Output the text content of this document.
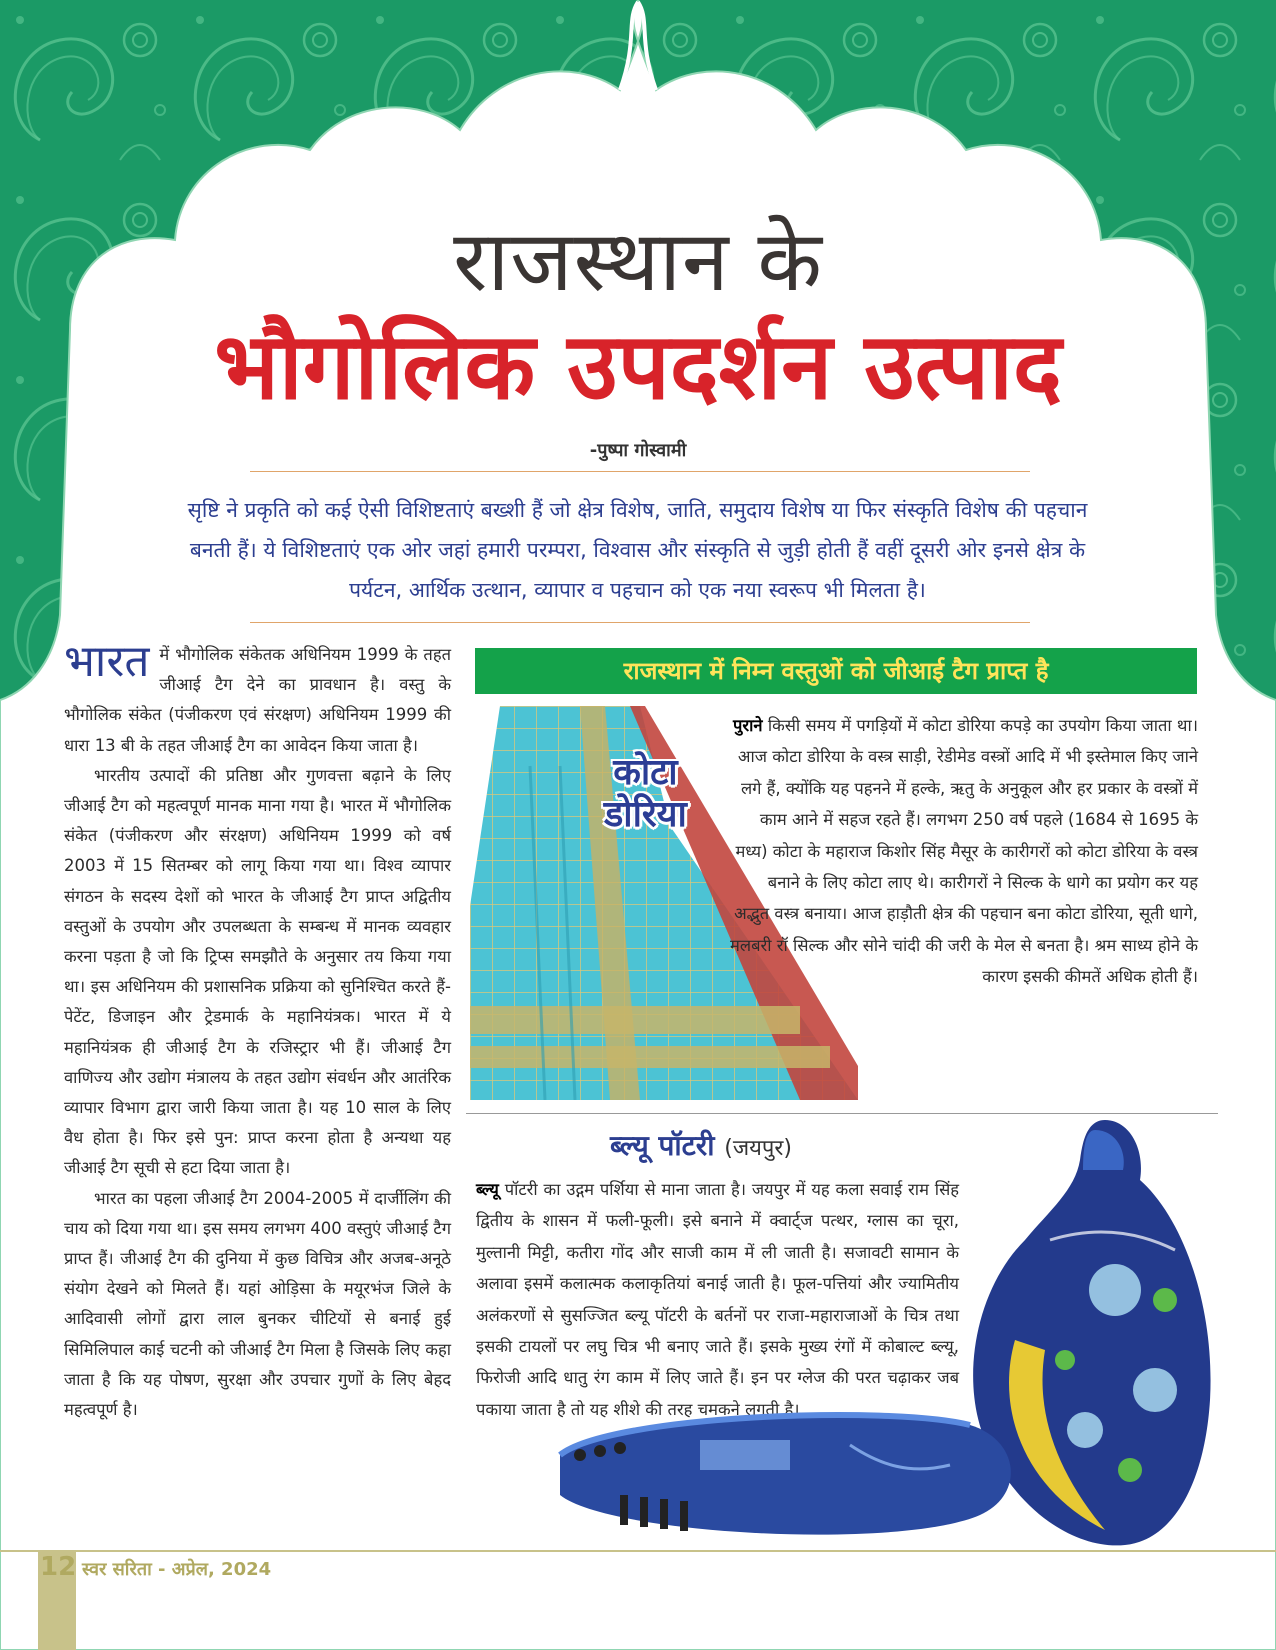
राजस्थान के
भौगोलिक उपदर्शन उत्पाद
-पुष्पा गोस्वामी
सृष्टि ने प्रकृति को कई ऐसी विशिष्टताएं बख्शी हैं जो क्षेत्र विशेष, जाति, समुदाय विशेष या फिर संस्कृति विशेष की पहचान बनती हैं। ये विशिष्टताएं एक ओर जहां हमारी परम्परा, विश्वास और संस्कृति से जुड़ी होती हैं वहीं दूसरी ओर इनसे क्षेत्र के पर्यटन, आर्थिक उत्थान, व्यापार व पहचान को एक नया स्वरूप भी मिलता है।

भारत में भौगोलिक संकेतक अधिनियम 1999 के तहत जीआई टैग देने का प्रावधान है। वस्तु के भौगोलिक संकेत (पंजीकरण एवं संरक्षण) अधिनियम 1999 की धारा 13 बी के तहत जीआई टैग का आवेदन किया जाता है।

भारतीय उत्पादों की प्रतिष्ठा और गुणवत्ता बढ़ाने के लिए जीआई टैग को महत्वपूर्ण मानक माना गया है। भारत में भौगोलिक संकेत (पंजीकरण और संरक्षण) अधिनियम 1999 को वर्ष 2003 में 15 सितम्बर को लागू किया गया था। विश्व व्यापार संगठन के सदस्य देशों को भारत के जीआई टैग प्राप्त अद्वितीय वस्तुओं के उपयोग और उपलब्धता के सम्बन्ध में मानक व्यवहार करना पड़ता है जो कि ट्रिप्स समझौते के अनुसार तय किया गया था। इस अधिनियम की प्रशासनिक प्रक्रिया को सुनिश्चित करते हैं- पेटेंट, डिजाइन और ट्रेडमार्क के महानियंत्रक। भारत में ये महानियंत्रक ही जीआई टैग के रजिस्ट्रार भी हैं। जीआई टैग वाणिज्य और उद्योग मंत्रालय के तहत उद्योग संवर्धन और आतंरिक व्यापार विभाग द्वारा जारी किया जाता है। यह 10 साल के लिए वैध होता है। फिर इसे पुन: प्राप्त करना होता है अन्यथा यह जीआई टैग सूची से हटा दिया जाता है।

भारत का पहला जीआई टैग 2004-2005 में दार्जीलिंग की चाय को दिया गया था। इस समय लगभग 400 वस्तुएं जीआई टैग प्राप्त हैं। जीआई टैग की दुनिया में कुछ विचित्र और अजब-अनूठे संयोग देखने को मिलते हैं। यहां ओड़िसा के मयूरभंज जिले के आदिवासी लोगों द्वारा लाल बुनकर चीटियों से बनाई हुई सिमिलिपाल काई चटनी को जीआई टैग मिला है जिसके लिए कहा जाता है कि यह पोषण, सुरक्षा और उपचार गुणों के लिए बेहद महत्वपूर्ण है।

राजस्थान में निम्न वस्तुओं को जीआई टैग प्राप्त है
कोटा
डोरिया
पुराने किसी समय में पगड़ियों में कोटा डोरिया कपड़े का उपयोग किया जाता था। आज कोटा डोरिया के वस्त्र साड़ी, रेडीमेड वस्त्रों आदि में भी इस्तेमाल किए जाने लगे हैं, क्योंकि यह पहनने में हल्के, ऋतु के अनुकूल और हर प्रकार के वस्त्रों में काम आने में सहज रहते हैं। लगभग 250 वर्ष पहले (1684 से 1695 के मध्य) कोटा के महाराज किशोर सिंह मैसूर के कारीगरों को कोटा डोरिया के वस्त्र बनाने के लिए कोटा लाए थे। कारीगरों ने सिल्क के धागे का प्रयोग कर यह अद्भुत वस्त्र बनाया। आज हाड़ौती क्षेत्र की पहचान बना कोटा डोरिया, सूती धागे, मलबरी रॉ सिल्क और सोने चांदी की जरी के मेल से बनता है। श्रम साध्य होने के कारण इसकी कीमतें अधिक होती हैं।
ब्ल्यू पॉटरी (जयपुर)
ब्ल्यू पॉटरी का उद्गम पर्शिया से माना जाता है। जयपुर में यह कला सवाई राम सिंह द्वितीय के शासन में फली-फूली। इसे बनाने में क्वार्ट्ज पत्थर, ग्लास का चूरा, मुल्तानी मिट्टी, कतीरा गोंद और साजी काम में ली जाती है। सजावटी सामान के अलावा इसमें कलात्मक कलाकृतियां बनाई जाती है। फूल-पत्तियां और ज्यामितीय अलंकरणों से सुसज्जित ब्ल्यू पॉटरी के बर्तनों पर राजा-महाराजाओं के चित्र तथा इसकी टायलों पर लघु चित्र भी बनाए जाते हैं। इसके मुख्य रंगों में कोबाल्ट ब्ल्यू, फिरोजी आदि धातु रंग काम में लिए जाते हैं। इन पर ग्लेज की परत चढ़ाकर जब पकाया जाता है तो यह शीशे की तरह चमकने लगती है।
12 स्वर सरिता - अप्रेल, 2024
